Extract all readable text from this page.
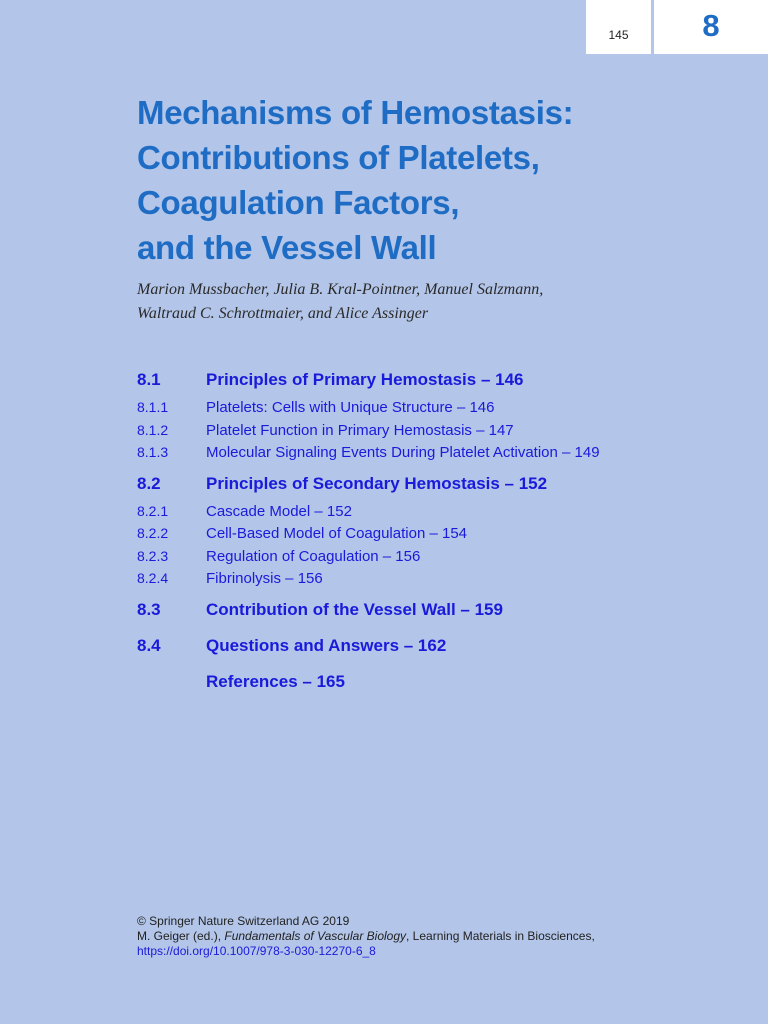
145	8
Mechanisms of Hemostasis:
Contributions of Platelets,
Coagulation Factors,
and the Vessel Wall
Marion Mussbacher, Julia B. Kral-Pointner, Manuel Salzmann,
Waltraud C. Schrottmaier, and Alice Assinger
8.1	Principles of Primary Hemostasis – 146
8.1.1	Platelets: Cells with Unique Structure – 146
8.1.2	Platelet Function in Primary Hemostasis – 147
8.1.3	Molecular Signaling Events During Platelet Activation – 149
8.2	Principles of Secondary Hemostasis – 152
8.2.1	Cascade Model – 152
8.2.2	Cell-Based Model of Coagulation – 154
8.2.3	Regulation of Coagulation – 156
8.2.4	Fibrinolysis – 156
8.3	Contribution of the Vessel Wall – 159
8.4	Questions and Answers – 162
References – 165
© Springer Nature Switzerland AG 2019
M. Geiger (ed.), Fundamentals of Vascular Biology, Learning Materials in Biosciences,
https://doi.org/10.1007/978-3-030-12270-6_8
